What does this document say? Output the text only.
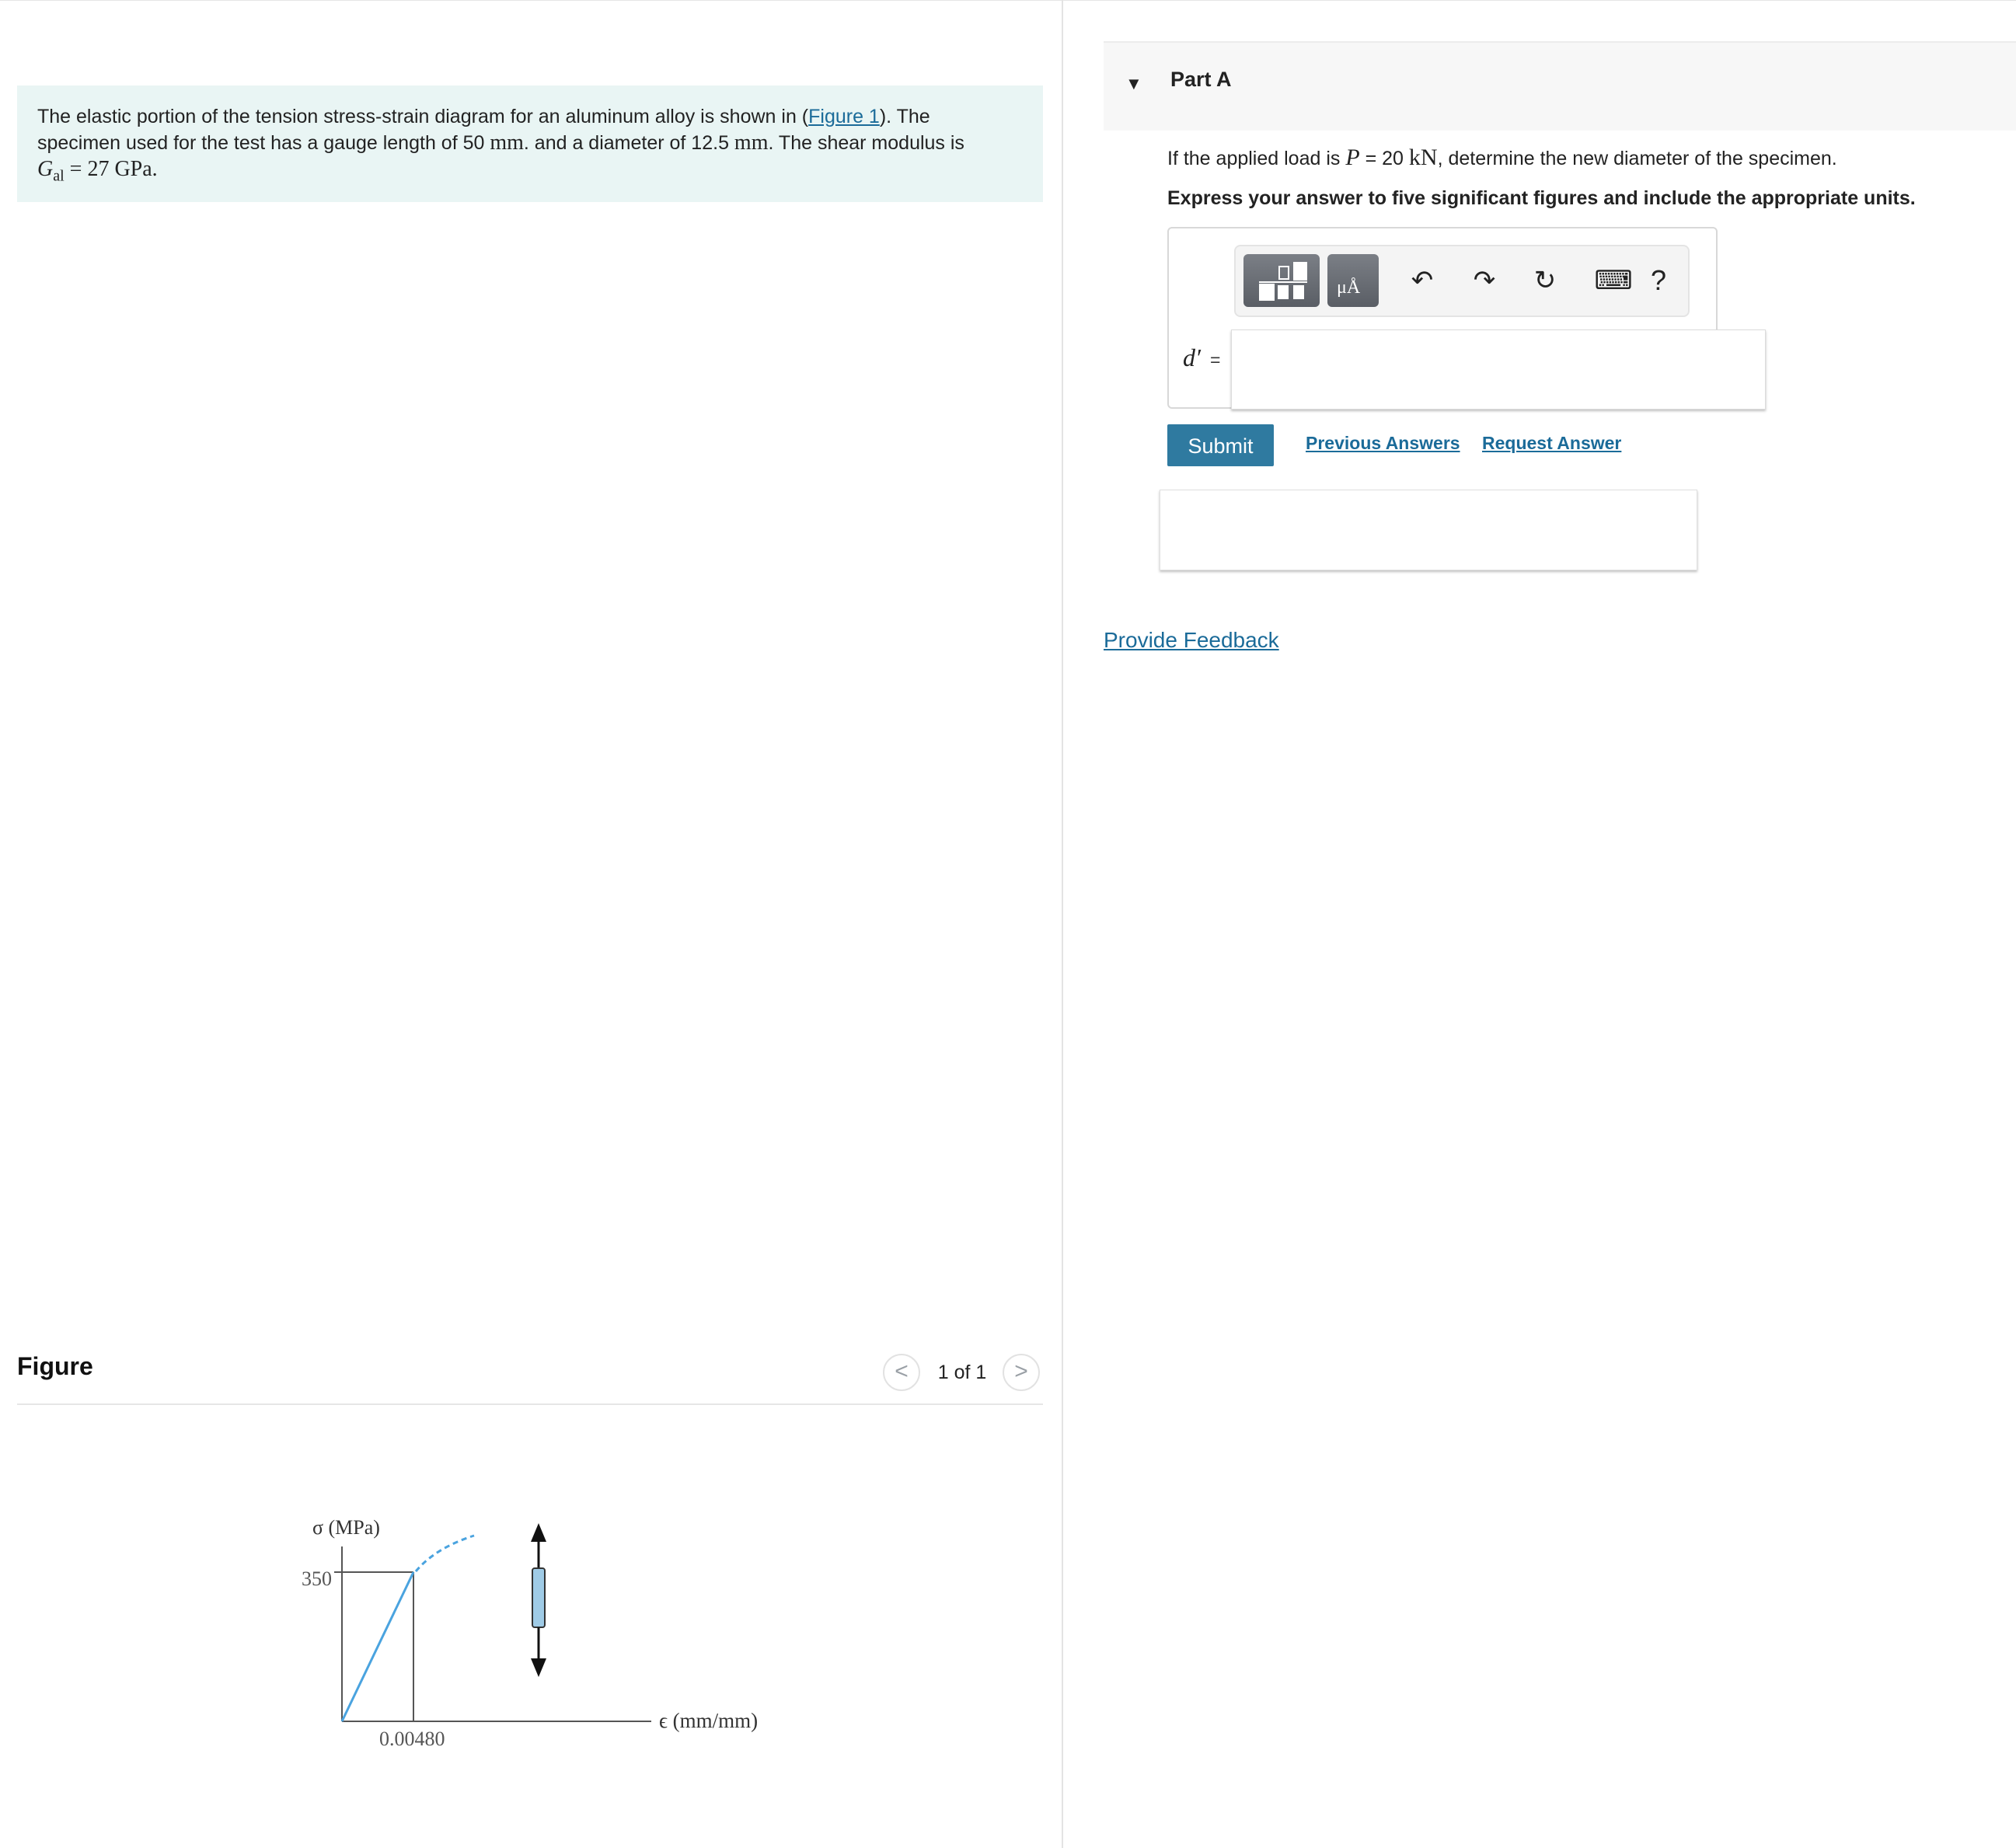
The elastic portion of the tension stress-strain diagram for an aluminum alloy is shown in (Figure 1). The
specimen used for the test has a gauge length of 50 mm. and a diameter of 12.5 mm. The shear modulus is
$G_{al} = 27$ GPa.
Figure	<	1 of 1	>
σ (MPa)
ϵ (mm/mm)
350
0.00480
▼ Part A
If the applied load is P = 20 kN, determine the new diameter of the specimen.
Express your answer to five significant figures and include the appropriate units.
μÅ ↶ ↷ ↻ ⌨ ?
d′ =
Submit	Previous Answers Request Answer
Provide Feedback
